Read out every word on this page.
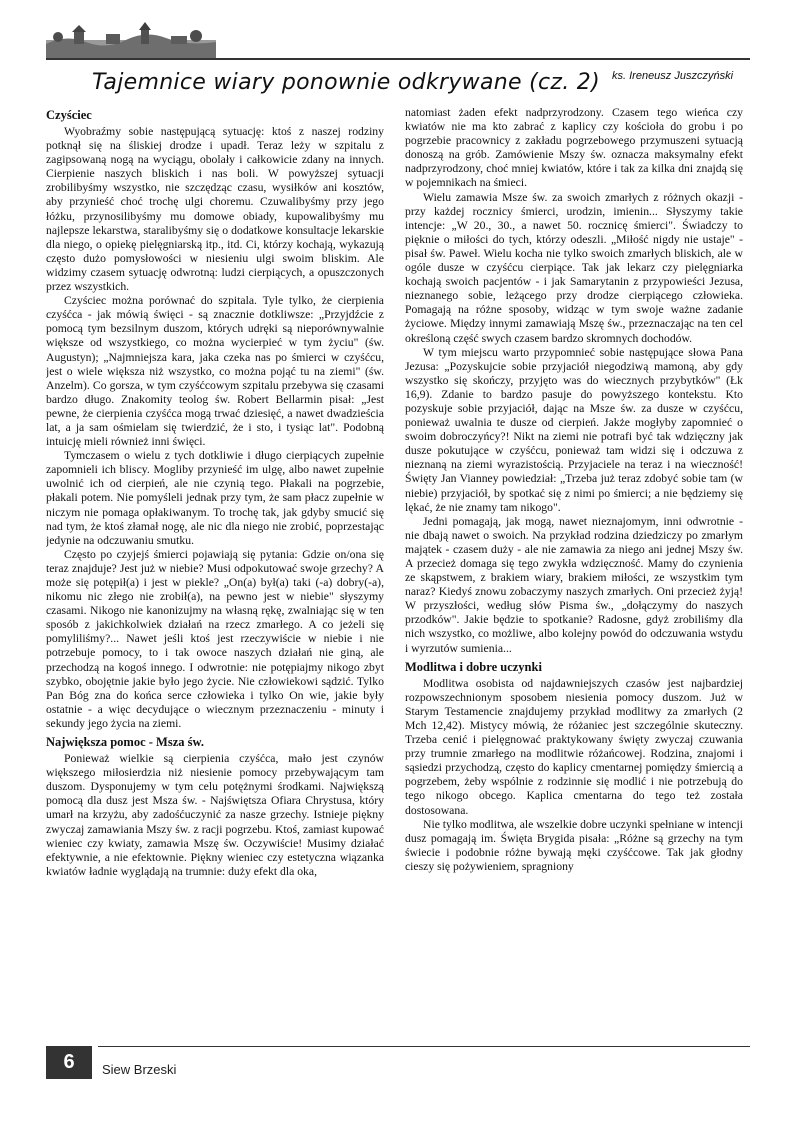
Tajemnice wiary ponownie odkrywane (cz. 2) ks. Ireneusz Juszczyński
Czyściec

Wyobraźmy sobie następującą sytuację: ktoś z naszej rodziny potknął się na śliskiej drodze i upadł. Teraz leży w szpitalu z zagipsowaną nogą na wyciągu, obolały i całkowicie zdany na innych. Cierpienie naszych bliskich i nas boli. W powyższej sytuacji zrobilibyśmy wszystko, nie szczędząc czasu, wysiłków ani kosztów, aby przynieść choć trochę ulgi choremu. Czuwalibyśmy przy jego łóżku, przynosilibyśmy mu domowe obiady, kupowalibyśmy mu najlepsze lekarstwa, staralibyśmy się o dodatkowe konsultacje lekarskie dla niego, o opiekę pielęgniarską itp., itd. Ci, którzy kochają, wykazują często dużo pomysłowości w niesieniu ulgi swoim bliskim. Ale widzimy czasem sytuację odwrotną: ludzi cierpiących, a opuszczonych przez wszystkich.

Czyściec można porównać do szpitala. Tyle tylko, że cierpienia czyśćca - jak mówią święci - są znacznie dotkliwsze: „Przyjdźcie z pomocą tym bezsilnym duszom, których udręki są nieporównywalnie większe od wszystkiego, co można wycierpieć w tym życiu" (św. Augustyn); „Najmniejsza kara, jaka czeka nas po śmierci w czyśćcu, jest o wiele większa niż wszystko, co można pojąć tu na ziemi" (św. Anzelm). Co gorsza, w tym czyśćcowym szpitalu przebywa się czasami bardzo długo. Znakomity teolog św. Robert Bellarmin pisał: „Jest pewne, że cierpienia czyśćca mogą trwać dziesięć, a nawet dwadzieścia lat, a ja sam ośmielam się twierdzić, że i sto, i tysiąc lat". Podobną intuicję mieli również inni święci.

Tymczasem o wielu z tych dotkliwie i długo cierpiących zupełnie zapomnieli ich bliscy. Mogliby przynieść im ulgę, albo nawet zupełnie uwolnić ich od cierpień, ale nie czynią tego. Płakali na pogrzebie, płakali potem. Nie pomyśleli jednak przy tym, że sam płacz zupełnie w niczym nie pomaga opłakiwanym. To trochę tak, jak gdyby smucić się nad tym, że ktoś złamał nogę, ale nic dla niego nie zrobić, poprzestając jedynie na odczuwaniu smutku.

Często po czyjejś śmierci pojawiają się pytania: Gdzie on/ona się teraz znajduje? Jest już w niebie? Musi odpokutować swoje grzechy? A może się potępił(a) i jest w piekle? „On(a) był(a) taki (-a) dobry(-a), nikomu nic złego nie zrobił(a), na pewno jest w niebie" słyszymy czasami. Nikogo nie kanonizujmy na własną rękę, zwalniając się w ten sposób z jakichkolwiek działań na rzecz zmarłego. A co jeżeli się pomyliliśmy?... Nawet jeśli ktoś jest rzeczywiście w niebie i nie potrzebuje pomocy, to i tak owoce naszych działań nie giną, ale przechodzą na kogoś innego. I odwrotnie: nie potępiajmy nikogo zbyt szybko, obojętnie jakie było jego życie. Nie człowiekowi sądzić. Tylko Pan Bóg zna do końca serce człowieka i tylko On wie, jakie były ostatnie - a więc decydujące o wiecznym przeznaczeniu - minuty i sekundy jego życia na ziemi.

Największa pomoc - Msza św.

Ponieważ wielkie są cierpienia czyśćca, mało jest czynów większego miłosierdzia niż niesienie pomocy przebywającym tam duszom. Dysponujemy w tym celu potężnymi środkami. Największą pomocą dla dusz jest Msza św. - Najświętsza Ofiara Chrystusa, który umarł na krzyżu, aby zadośćuczynić za nasze grzechy. Istnieje piękny zwyczaj zamawiania Mszy św. z racji pogrzebu. Ktoś, zamiast kupować wieniec czy kwiaty, zamawia Mszę św. Oczywiście! Musimy działać efektywnie, a nie efektownie. Piękny wieniec czy estetyczna wiązanka kwiatów ładnie wyglądają na trumnie: duży efekt dla oka,

natomiast żaden efekt nadprzyrodzony. Czasem tego wieńca czy kwiatów nie ma kto zabrać z kaplicy czy kościoła do grobu i po pogrzebie pracownicy z zakładu pogrzebowego przymuszeni sytuacją donoszą na grób. Zamówienie Mszy św. oznacza maksymalny efekt nadprzyrodzony, choć mniej kwiatów, które i tak za kilka dni znajdą się w pojemnikach na śmieci.

Wielu zamawia Msze św. za swoich zmarłych z różnych okazji - przy każdej rocznicy śmierci, urodzin, imienin... Słyszymy takie intencje: „W 20., 30., a nawet 50. rocznicę śmierci". Świadczy to pięknie o miłości do tych, którzy odeszli. „Miłość nigdy nie ustaje" - pisał św. Paweł. Wielu kocha nie tylko swoich zmarłych bliskich, ale w ogóle dusze w czyśćcu cierpiące. Tak jak lekarz czy pielęgniarka kochają swoich pacjentów - i jak Samarytanin z przypowieści Jezusa, nieznanego sobie, leżącego przy drodze cierpiącego człowieka. Pomagają na różne sposoby, widząc w tym swoje ważne zadanie życiowe. Między innymi zamawiają Mszę św., przeznaczając na ten cel określoną część swych czasem bardzo skromnych dochodów.

W tym miejscu warto przypomnieć sobie następujące słowa Pana Jezusa: „Pozyskujcie sobie przyjaciół niegodziwą mamoną, aby gdy wszystko się skończy, przyjęto was do wiecznych przybytków" (Łk 16,9). Zdanie to bardzo pasuje do powyższego kontekstu. Kto pozyskuje sobie przyjaciół, dając na Msze św. za dusze w czyśćcu, ponieważ uwalnia te dusze od cierpień. Jakże mogłyby zapomnieć o swoim dobroczyńcy?! Nikt na ziemi nie potrafi być tak wdzięczny jak dusze pokutujące w czyśćcu, ponieważ tam widzi się i odczuwa z nieznaną na ziemi wyrazistością. Przyjaciele na teraz i na wieczność! Święty Jan Vianney powiedział: „Trzeba już teraz zdobyć sobie tam (w niebie) przyjaciół, by spotkać się z nimi po śmierci; a nie będziemy się lękać, że nie znamy tam nikogo".

Jedni pomagają, jak mogą, nawet nieznajomym, inni odwrotnie - nie dbają nawet o swoich. Na przykład rodzina dziedziczy po zmarłym majątek - czasem duży - ale nie zamawia za niego ani jednej Mszy św. A przecież domaga się tego zwykła wdzięczność. Mamy do czynienia ze skąpstwem, z brakiem wiary, brakiem miłości, ze wszystkim tym naraz? Kiedyś znowu zobaczymy naszych zmarłych. Oni przecież żyją! W przyszłości, według słów Pisma św., „dołączymy do naszych przodków". Jakie będzie to spotkanie? Radosne, gdyż zrobiliśmy dla nich wszystko, co możliwe, albo kolejny powód do odczuwania wstydu i wyrzutów sumienia...

Modlitwa i dobre uczynki

Modlitwa osobista od najdawniejszych czasów jest najbardziej rozpowszechnionym sposobem niesienia pomocy duszom. Już w Starym Testamencie znajdujemy przykład modlitwy za zmarłych (2 Mch 12,42). Mistycy mówią, że różaniec jest szczególnie skuteczny. Trzeba cenić i pielęgnować praktykowany święty zwyczaj czuwania przy trumnie zmarłego na modlitwie różańcowej. Rodzina, znajomi i sąsiedzi przychodzą, często do kaplicy cmentarnej pomiędzy śmiercią a pogrzebem, żeby wspólnie z rodzinnie się modlić i nie potrzebują do tego nikogo obcego. Kaplica cmentarna do tego też została dostosowana.

Nie tylko modlitwa, ale wszelkie dobre uczynki spełniane w intencji dusz pomagają im. Święta Brygida pisała: „Różne są grzechy na tym świecie i podobnie różne bywają męki czyśćcowe. Tak jak głodny cieszy się pożywieniem, spragniony

6	Siew Brzeski
